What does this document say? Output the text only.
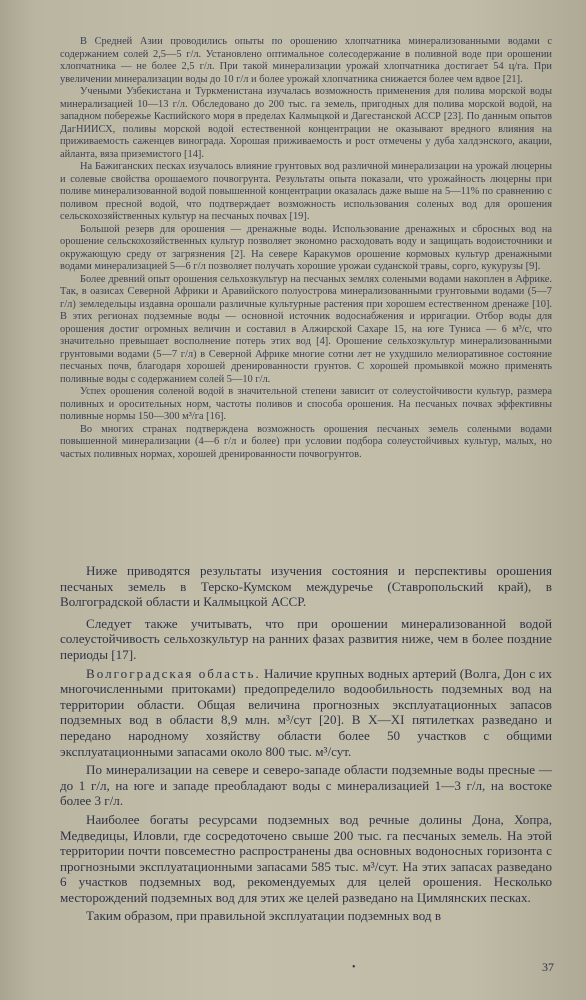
В Средней Азии проводились опыты по орошению хлопчатника минерализованными водами с содержанием солей 2,5—5 г/л. Установлено оптимальное солесодержание в поливной воде при орошении хлопчатника — не более 2,5 г/л. При такой минерализации урожай хлопчатника достигает 54 ц/га. При увеличении минерализации воды до 10 г/л и более урожай хлопчатника снижается более чем вдвое [21].

Учеными Узбекистана и Туркменистана изучалась возможность применения для полива морской воды минерализацией 10—13 г/л. Обследовано до 200 тыс. га земель, пригодных для полива морской водой, на западном побережье Каспийского моря в пределах Калмыцкой и Дагестанской АССР [23]. По данным опытов ДагНИИСХ, поливы морской водой естественной концентрации не оказывают вредного влияния на приживаемость саженцев винограда. Хорошая приживаемость и рост отмечены у дуба халдэнского, акации, айланта, вяза приземистого [14].

На Бажиганских песках изучалось влияние грунтовых вод различной минерализации на урожай люцерны и солевые свойства орошаемого почвогрунта. Результаты опыта показали, что урожайность люцерны при поливе минерализованной водой повышенной концентрации оказалась даже выше на 5—11% по сравнению с поливом пресной водой, что подтверждает возможность использования соленых вод для орошения сельскохозяйственных культур на песчаных почвах [19].

Большой резерв для орошения — дренажные воды. Использование дренажных и сбросных вод на орошение сельскохозяйственных культур позволяет экономно расходовать воду и защищать водоисточники и окружающую среду от загрязнения [2]. На севере Каракумов орошение кормовых культур дренажными водами минерализацией 5—6 г/л позволяет получать хорошие урожаи суданской травы, сорго, кукурузы [9].

Более древний опыт орошения сельхозкультур на песчаных землях солеными водами накоплен в Африке. Так, в оазисах Северной Африки и Аравийского полуострова минерализованными грунтовыми водами (5—7 г/л) земледельцы издавна орошали различные культурные растения при хорошем естественном дренаже [10]. В этих регионах подземные воды — основной источник водоснабжения и ирригации. Отбор воды для орошения достиг огромных величин и составил в Алжирской Сахаре 15, на юге Туниса — 6 м³/с, что значительно превышает восполнение потерь этих вод [4]. Орошение сельхозкультур минерализованными грунтовыми водами (5—7 г/л) в Северной Африке многие сотни лет не ухудшило мелиоративное состояние песчаных почв, благодаря хорошей дренированности грунтов. С хорошей промывкой можно применять поливные воды с содержанием солей 5—10 г/л.

Успех орошения соленой водой в значительной степени зависит от солеустойчивости культур, размера поливных и оросительных норм, частоты поливов и способа орошения. На песчаных почвах эффективны поливные нормы 150—300 м³/га [16].

Во многих странах подтверждена возможность орошения песчаных земель солеными водами повышенной минерализации (4—6 г/л и более) при условии подбора солеустойчивых культур, малых, но частых поливных нормах, хорошей дренированности почвогрунтов.

Ниже приводятся результаты изучения состояния и перспективы орошения песчаных земель в Терско-Кумском междуречье (Ставропольский край), в Волгоградской области и Калмыцкой АССР.

Следует также учитывать, что при орошении минерализованной водой солеустойчивость сельхозкультур на ранних фазах развития ниже, чем в более поздние периоды [17].

Волгоградская область. Наличие крупных водных артерий (Волга, Дон с их многочисленными притоками) предопределило водообильность подземных вод на территории области. Общая величина прогнозных эксплуатационных запасов подземных вод в области 8,9 млн. м³/сут [20]. В X—XI пятилетках разведано и передано народному хозяйству области более 50 участков с общими эксплуатационными запасами около 800 тыс. м³/сут.

По минерализации на севере и северо-западе области подземные воды пресные — до 1 г/л, на юге и западе преобладают воды с минерализацией 1—3 г/л, на востоке более 3 г/л.

Наиболее богаты ресурсами подземных вод речные долины Дона, Хопра, Медведицы, Иловли, где сосредоточено свыше 200 тыс. га песчаных земель. На этой территории почти повсеместно распространены два основных водоносных горизонта с прогнозными эксплуатационными запасами 585 тыс. м³/сут. На этих запасах разведано 6 участков подземных вод, рекомендуемых для целей орошения. Несколько месторождений подземных вод для этих же целей разведано на Цимлянских песках.

Таким образом, при правильной эксплуатации подземных вод в

•	37
